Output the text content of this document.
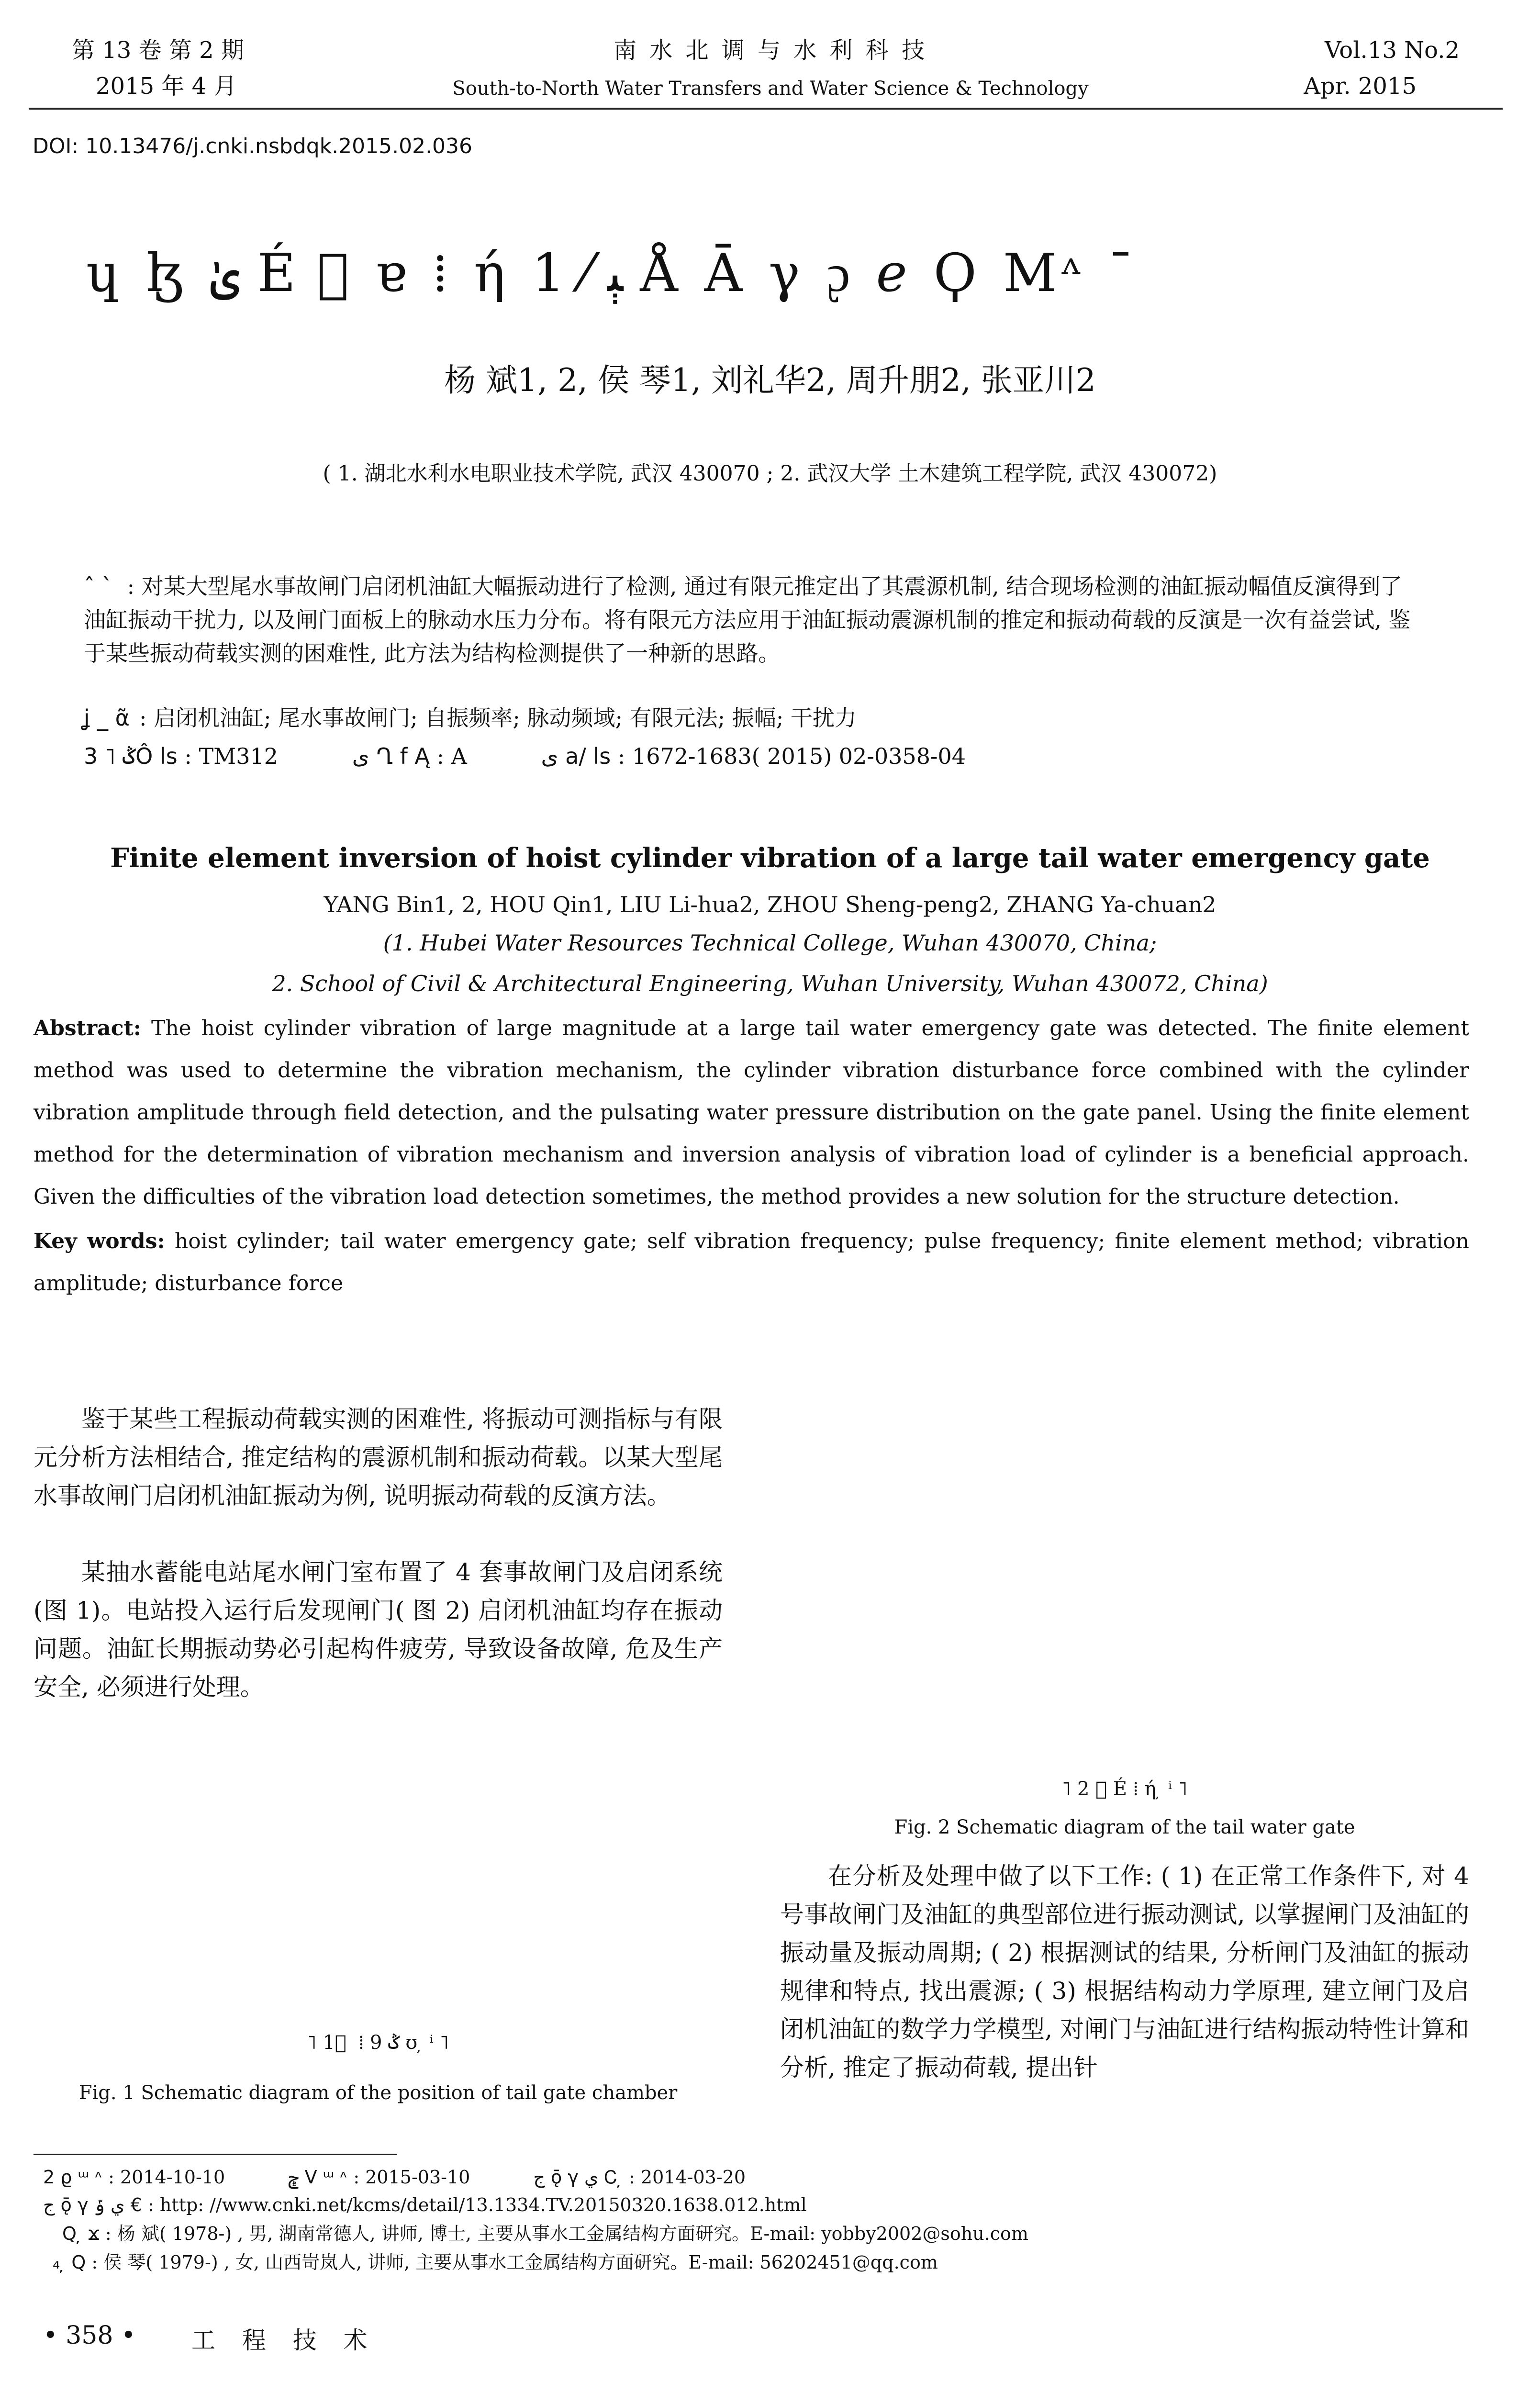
第 13 卷 第 2 期
2015 年 4 月
南 水 北 调 与 水 利 科 技
South-to-North Water Transfers and Water Science & Technology
Vol.13 No.2
Apr. 2015
DOI: 10.13476/j.cnki.nsbdqk.2015.02.036
ɥ ɮ ﱝ É ᷱ ɐ ⁞ ή ﯧ ⁄ 1 Å Ā γ ᶗ ℯ Ϙ Mᶺ ¯
杨 斌1, 2, 侯 琴1, 刘礼华2, 周升朋2, 张亚川2
( 1. 湖北水利水电职业技术学院, 武汉 430070 ; 2. 武汉大学 土木建筑工程学院, 武汉 430072)
ˆ ˋ : 对某大型尾水事故闸门启闭机油缸大幅振动进行了检测, 通过有限元推定出了其震源机制, 结合现场检测的油缸振动幅值反演得到了油缸振动干扰力, 以及闸门面板上的脉动水压力分布。将有限元方法应用于油缸振动震源机制的推定和振动荷载的反演是一次有益尝试, 鉴于某些振动荷载实测的困难性, 此方法为结构检测提供了一种新的思路。
ʝ _ ᾶ : 启闭机油缸; 尾水事故闸门; 自振频率; 脉动频域; 有限元法; 振幅; 干扰力
3 ˥ ݣÔ ls : TM312	ى Ղ f Ą : A	ى a/ ls : 1672-1683( 2015) 02-0358-04
Finite element inversion of hoist cylinder vibration of a large tail water emergency gate
YANG Bin1, 2, HOU Qin1, LIU Li-hua2, ZHOU Sheng-peng2, ZHANG Ya-chuan2
(1. Hubei Water Resources Technical College, Wuhan 430070, China;
2. School of Civil & Architectural Engineering, Wuhan University, Wuhan 430072, China)
Abstract: The hoist cylinder vibration of large magnitude at a large tail water emergency gate was detected. The finite element method was used to determine the vibration mechanism, the cylinder vibration disturbance force combined with the cylinder vibration amplitude through field detection, and the pulsating water pressure distribution on the gate panel. Using the finite element method for the determination of vibration mechanism and inversion analysis of vibration load of cylinder is a beneficial approach. Given the difficulties of the vibration load detection sometimes, the method provides a new solution for the structure detection.
Key words: hoist cylinder; tail water emergency gate; self vibration frequency; pulse frequency; finite element method; vibration amplitude; disturbance force
鉴于某些工程振动荷载实测的困难性, 将振动可测指标与有限元分析方法相结合, 推定结构的震源机制和振动荷载。以某大型尾水事故闸门启闭机油缸振动为例, 说明振动荷载的反演方法。
某抽水蓄能电站尾水闸门室布置了 4 套事故闸门及启闭系统(图 1)。电站投入运行后发现闸门( 图 2) 启闭机油缸均存在振动问题。油缸长期振动势必引起构件疲劳, 导致设备故障, 危及生产安全, 必须进行处理。
˥ 1 ᷱ ⁞ 9 ݣ ʊ ̦ ⁱ ˥
Fig. 1 Schematic diagram of the position of tail gate chamber
˥ 2 ᷱ É ⁞ ή ̦ ⁱ ˥
Fig. 2 Schematic diagram of the tail water gate
在分析及处理中做了以下工作: ( 1) 在正常工作条件下, 对 4 号事故闸门及油缸的典型部位进行振动测试, 以掌握闸门及油缸的振动量及振动周期; ( 2) 根据测试的结果, 分析闸门及油缸的振动规律和特点, 找出震源; ( 3) 根据结构动力学原理, 建立闸门及启闭机油缸的数学力学模型, 对闸门与油缸进行结构振动特性计算和分析, 推定了振动荷载, 提出针
2 ϱ ᵚ ᶺ : 2014-10-10	ݯ V ᵚ ᶺ : 2015-03-10	ج ǭ γ ي Ꮯ ̦ : 2014-03-20
ج ǭ γ ي ݹ € : http: //www.cnki.net/kcms/detail/13.1334.TV.20150320.1638.012.html
Q ̦ ϫ : 杨 斌( 1978-) , 男, 湖南常德人, 讲师, 博士, 主要从事水工金属结构方面研究。E-mail: yobby2002@sohu.com
₄ ̦ Q : 侯 琴( 1979-) , 女, 山西岢岚人, 讲师, 主要从事水工金属结构方面研究。E-mail: 56202451@qq.com
• 358 • 工 程 技 术
